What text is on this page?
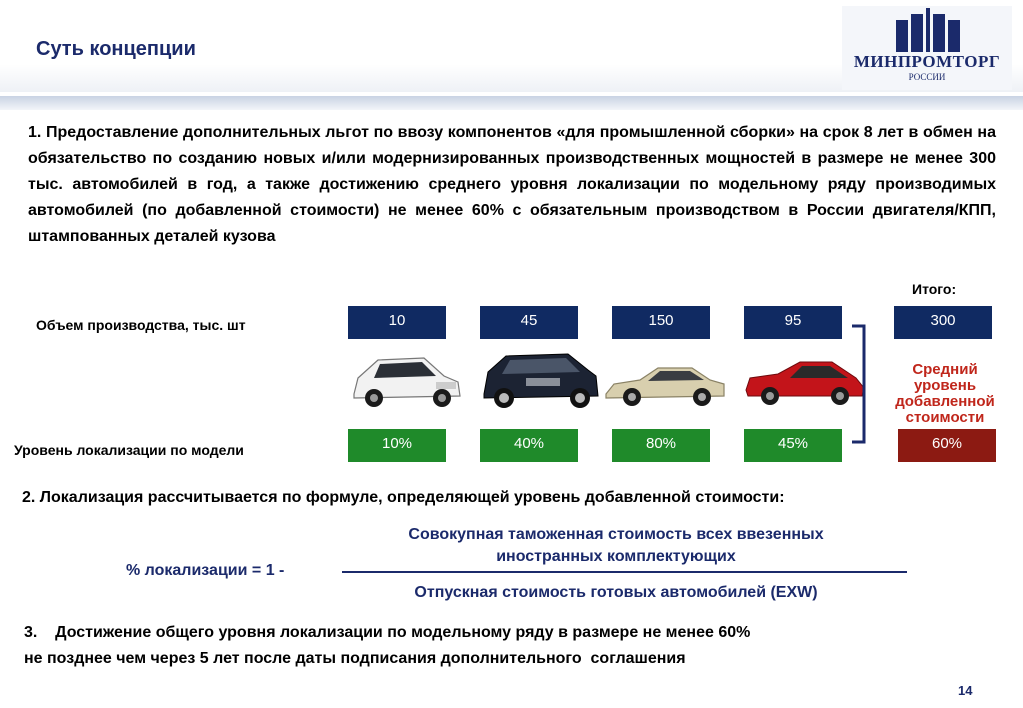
Суть концепции
МИНПРОМТОРГ
РОССИИ
1. Предоставление дополнительных льгот по ввозу компонентов «для промышленной сборки» на срок 8 лет в обмен на обязательство по созданию новых и/или модернизированных производственных мощностей в размере не менее 300 тыс. автомобилей в год, а также достижению среднего уровня локализации по модельному ряду производимых автомобилей (по добавленной стоимости) не менее 60% с обязательным производством в России двигателя/КПП, штампованных деталей кузова
Итого:
Объем производства, тыс. шт
Уровень локализации по модели
10	45	150	95	300
Средний уровень добавленной стоимости
10%	40%	80%	45%	60%
2. Локализация рассчитывается по формуле, определяющей уровень добавленной стоимости:
Совокупная таможенная стоимость всех ввезенных
иностранных комплектующих
% локализации = 1 -
Отпускная стоимость готовых автомобилей (EXW)
3.    Достижение общего уровня локализации по модельному ряду в размере не менее 60%
не позднее чем через 5 лет после даты подписания дополнительного  соглашения
14
